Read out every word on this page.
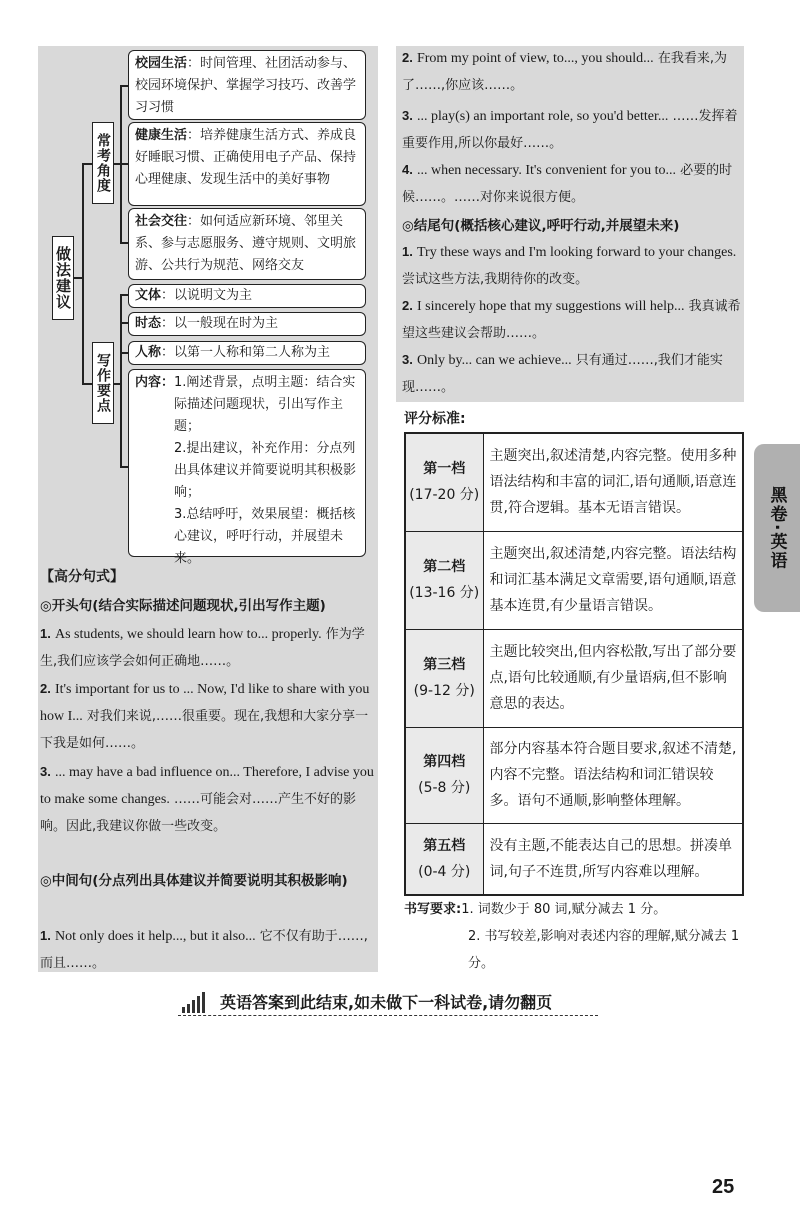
做法建议
常考角度
写作要点
校园生活：时间管理、社团活动参与、校园环境保护、掌握学习技巧、改善学习习惯
健康生活：培养健康生活方式、养成良好睡眠习惯、正确使用电子产品、保持心理健康、发现生活中的美好事物
社会交往：如何适应新环境、邻里关系、参与志愿服务、遵守规则、文明旅游、公共行为规范、网络交友
文体：以说明文为主
时态：以一般现在时为主
人称：以第一人称和第二人称为主
内容： 1.阐述背景，点明主题：结合实际描述问题现状，引出写作主题；
2.提出建议，补充作用：分点列出具体建议并简要说明其积极影响；
3.总结呼吁，效果展望：概括核心建议，呼吁行动，并展望未来。
【高分句式】
◎开头句(结合实际描述问题现状,引出写作主题)
1. As students, we should learn how to... properly. 作为学生,我们应该学会如何正确地……。
2. It's important for us to ... Now, I'd like to share with you how I... 对我们来说,……很重要。现在,我想和大家分享一下我是如何……。
3. ... may have a bad influence on... Therefore, I advise you to make some changes. ……可能会对……产生不好的影响。因此,我建议你做一些改变。
◎中间句(分点列出具体建议并简要说明其积极影响)
1. Not only does it help..., but it also... 它不仅有助于……,而且……。
2. From my point of view, to..., you should... 在我看来,为了……,你应该……。
3. ... play(s) an important role, so you'd better... ……发挥着重要作用,所以你最好……。
4. ... when necessary. It's convenient for you to... 必要的时候……。……对你来说很方便。
◎结尾句(概括核心建议,呼吁行动,并展望未来)
1. Try these ways and I'm looking forward to your changes. 尝试这些方法,我期待你的改变。
2. I sincerely hope that my suggestions will help... 我真诚希望这些建议会帮助……。
3. Only by... can we achieve... 只有通过……,我们才能实现……。
评分标准:
第一档
(17-20 分)	主题突出,叙述清楚,内容完整。使用多种语法结构和丰富的词汇,语句通顺,语意连贯,符合逻辑。基本无语言错误。
第二档
(13-16 分)	主题突出,叙述清楚,内容完整。语法结构和词汇基本满足文章需要,语句通顺,语意基本连贯,有少量语言错误。
第三档
(9-12 分)	主题比较突出,但内容松散,写出了部分要点,语句比较通顺,有少量语病,但不影响意思的表达。
第四档
(5-8 分)	部分内容基本符合题目要求,叙述不清楚,内容不完整。语法结构和词汇错误较多。语句不通顺,影响整体理解。
第五档
(0-4 分)	没有主题,不能表达自己的思想。拼凑单词,句子不连贯,所写内容难以理解。
书写要求:1. 词数少于 80 词,赋分减去 1 分。
2. 书写较差,影响对表述内容的理解,赋分减去 1 分。
黑卷·英语
英语答案到此结束,如未做下一科试卷,请勿翻页
25
